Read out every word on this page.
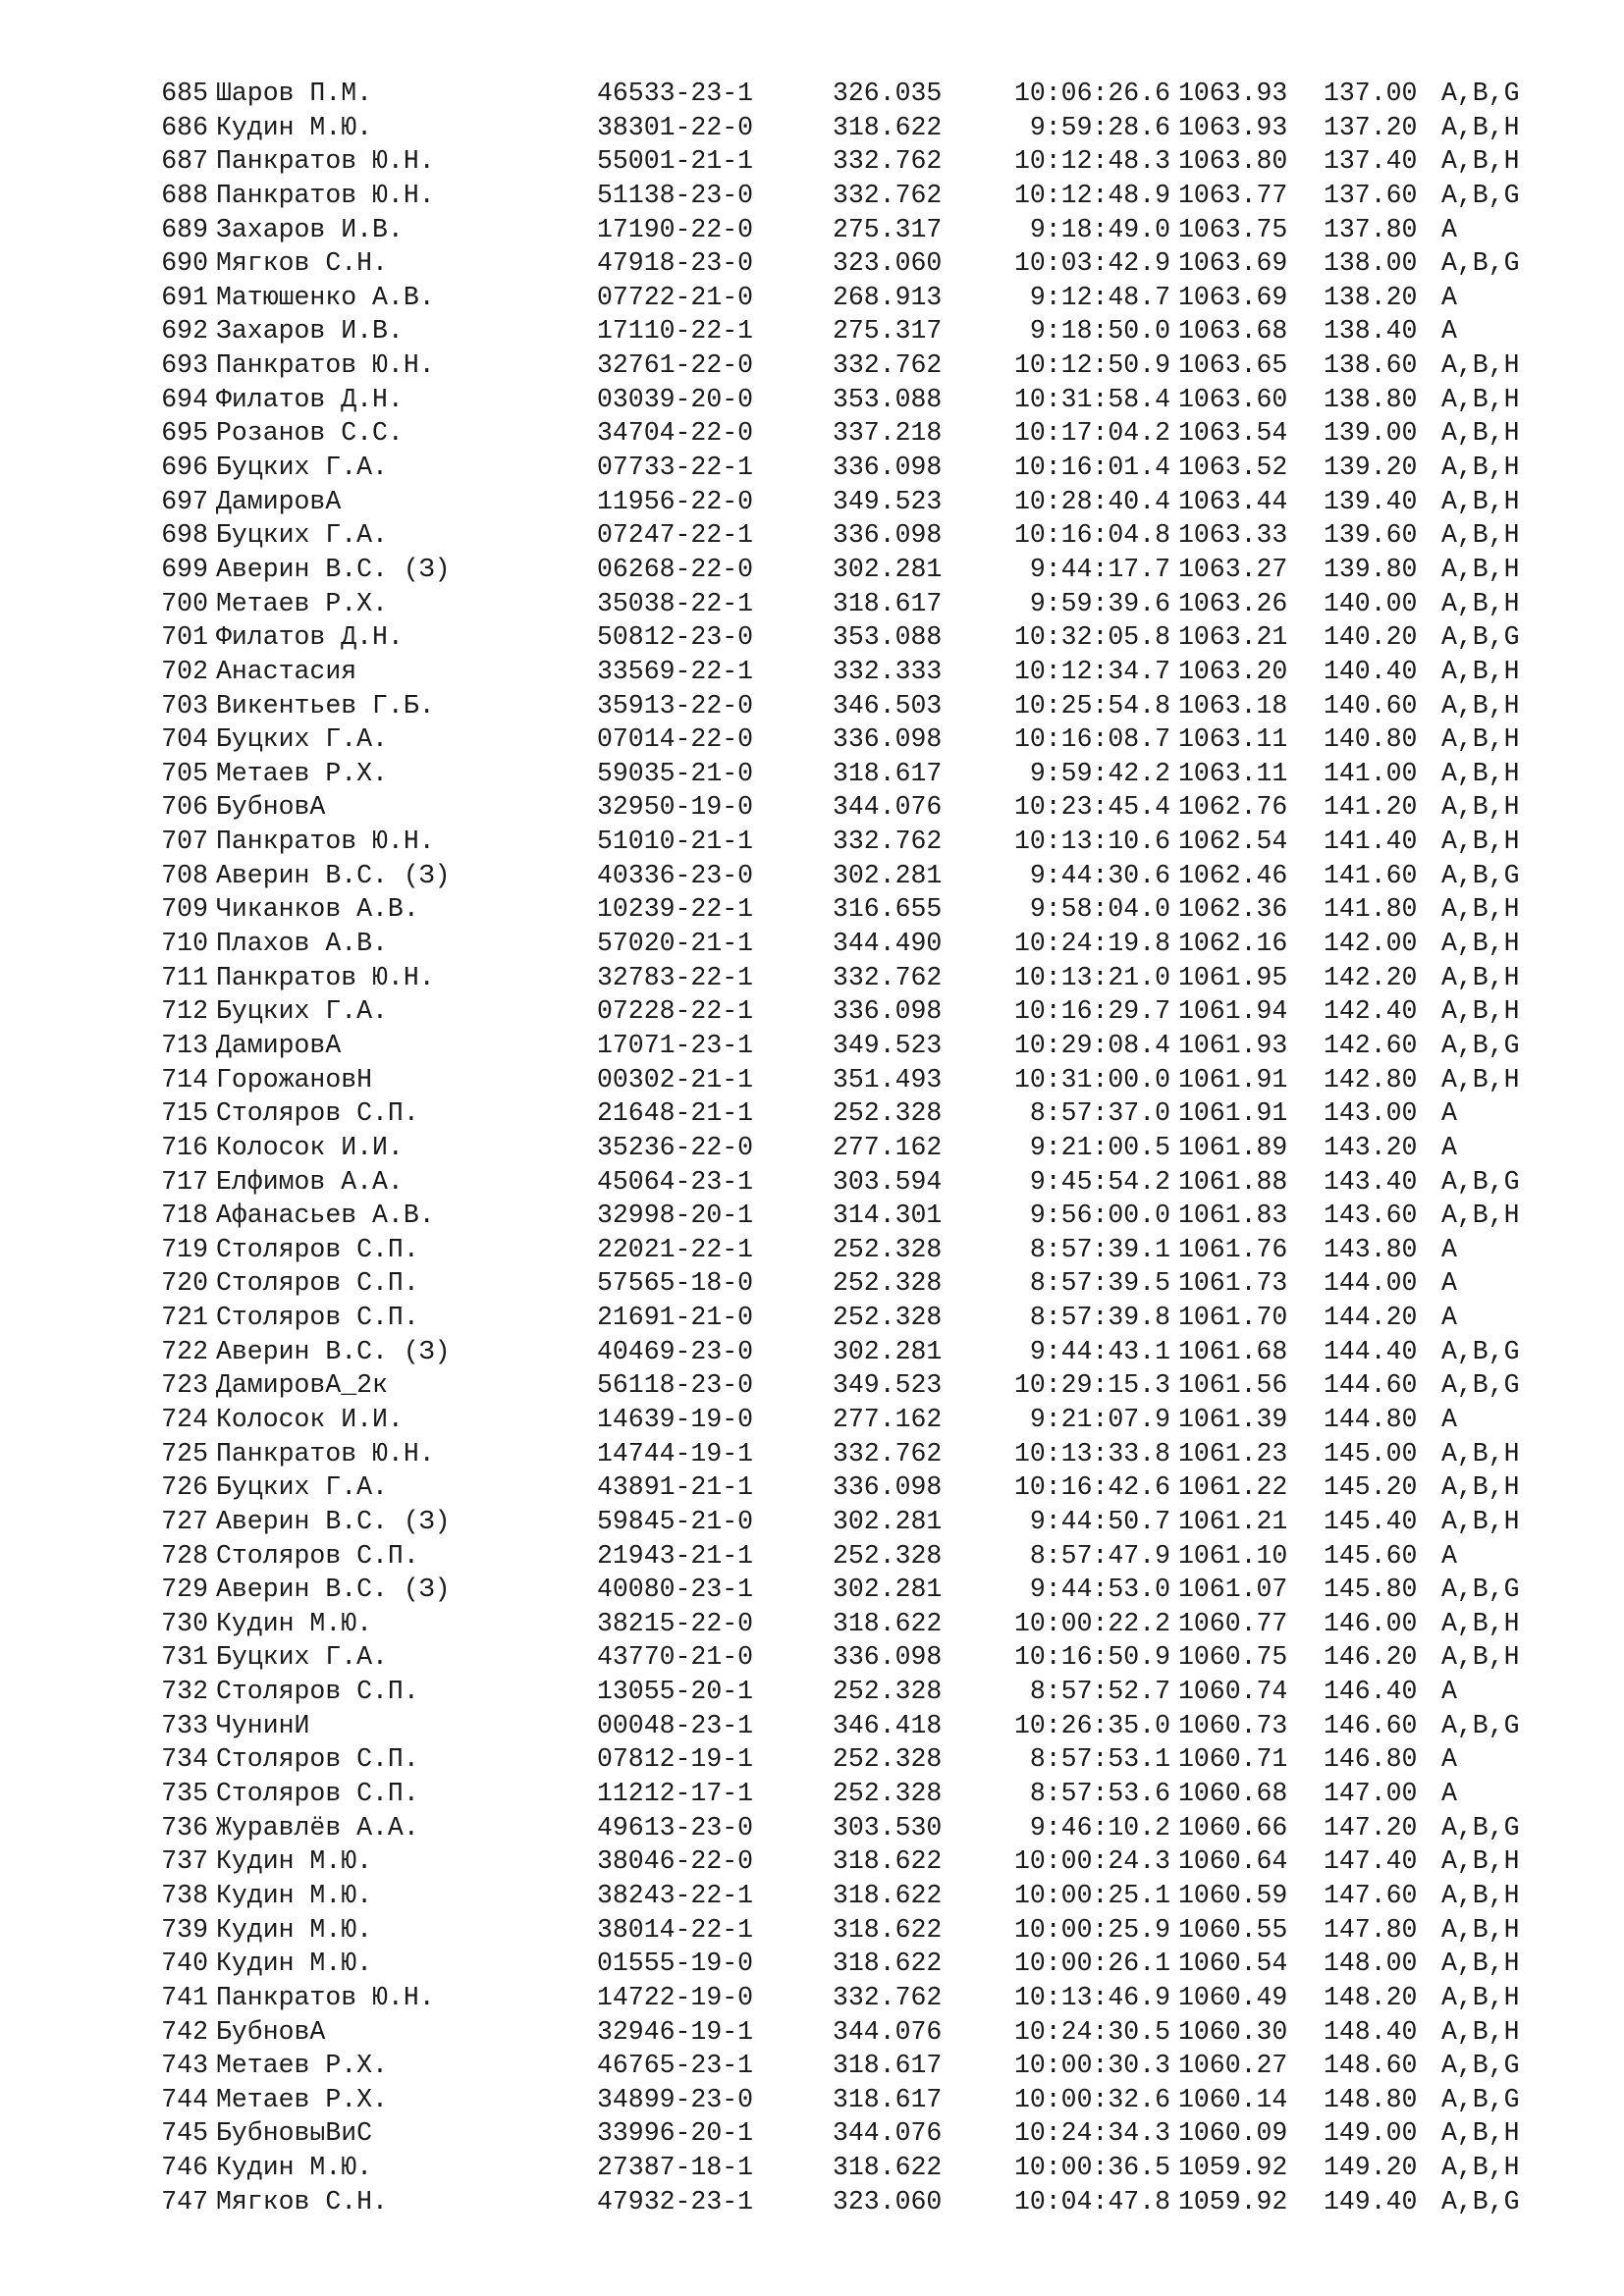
685 Шаров П.М.	46533-23-1	326.035	10:06:26.6 1063.93 137.00 A,B,G
686 Кудин М.Ю.	38301-22-0	318.622	9:59:28.6 1063.93 137.20 A,B,H
687 Панкратов Ю.Н.	55001-21-1	332.762	10:12:48.3 1063.80 137.40 A,B,H
688 Панкратов Ю.Н.	51138-23-0	332.762	10:12:48.9 1063.77 137.60 A,B,G
689 Захаров И.В.	17190-22-0	275.317	9:18:49.0 1063.75 137.80 A
690 Мягков С.Н.	47918-23-0	323.060	10:03:42.9 1063.69 138.00 A,B,G
691 Матюшенко А.В.	07722-21-0	268.913	9:12:48.7 1063.69 138.20 A
692 Захаров И.В.	17110-22-1	275.317	9:18:50.0 1063.68 138.40 A
693 Панкратов Ю.Н.	32761-22-0	332.762	10:12:50.9 1063.65 138.60 A,B,H
694 Филатов Д.Н.	03039-20-0	353.088	10:31:58.4 1063.60 138.80 A,B,H
695 Розанов С.С.	34704-22-0	337.218	10:17:04.2 1063.54 139.00 A,B,H
696 Буцких Г.А.	07733-22-1	336.098	10:16:01.4 1063.52 139.20 A,B,H
697 ДамировА	11956-22-0	349.523	10:28:40.4 1063.44 139.40 A,B,H
698 Буцких Г.А.	07247-22-1	336.098	10:16:04.8 1063.33 139.60 A,B,H
699 Аверин В.С. (З)	06268-22-0	302.281	9:44:17.7 1063.27 139.80 A,B,H
700 Метаев Р.Х.	35038-22-1	318.617	9:59:39.6 1063.26 140.00 A,B,H
701 Филатов Д.Н.	50812-23-0	353.088	10:32:05.8 1063.21 140.20 A,B,G
702 Анастасия	33569-22-1	332.333	10:12:34.7 1063.20 140.40 A,B,H
703 Викентьев Г.Б.	35913-22-0	346.503	10:25:54.8 1063.18 140.60 A,B,H
704 Буцких Г.А.	07014-22-0	336.098	10:16:08.7 1063.11 140.80 A,B,H
705 Метаев Р.Х.	59035-21-0	318.617	9:59:42.2 1063.11 141.00 A,B,H
706 БубновА	32950-19-0	344.076	10:23:45.4 1062.76 141.20 A,B,H
707 Панкратов Ю.Н.	51010-21-1	332.762	10:13:10.6 1062.54 141.40 A,B,H
708 Аверин В.С. (З)	40336-23-0	302.281	9:44:30.6 1062.46 141.60 A,B,G
709 Чиканков А.В.	10239-22-1	316.655	9:58:04.0 1062.36 141.80 A,B,H
710 Плахов А.В.	57020-21-1	344.490	10:24:19.8 1062.16 142.00 A,B,H
711 Панкратов Ю.Н.	32783-22-1	332.762	10:13:21.0 1061.95 142.20 A,B,H
712 Буцких Г.А.	07228-22-1	336.098	10:16:29.7 1061.94 142.40 A,B,H
713 ДамировА	17071-23-1	349.523	10:29:08.4 1061.93 142.60 A,B,G
714 ГорожановН	00302-21-1	351.493	10:31:00.0 1061.91 142.80 A,B,H
715 Столяров С.П.	21648-21-1	252.328	8:57:37.0 1061.91 143.00 A
716 Колосок И.И.	35236-22-0	277.162	9:21:00.5 1061.89 143.20 A
717 Елфимов А.А.	45064-23-1	303.594	9:45:54.2 1061.88 143.40 A,B,G
718 Афанасьев А.В.	32998-20-1	314.301	9:56:00.0 1061.83 143.60 A,B,H
719 Столяров С.П.	22021-22-1	252.328	8:57:39.1 1061.76 143.80 A
720 Столяров С.П.	57565-18-0	252.328	8:57:39.5 1061.73 144.00 A
721 Столяров С.П.	21691-21-0	252.328	8:57:39.8 1061.70 144.20 A
722 Аверин В.С. (З)	40469-23-0	302.281	9:44:43.1 1061.68 144.40 A,B,G
723 ДамировА_2к	56118-23-0	349.523	10:29:15.3 1061.56 144.60 A,B,G
724 Колосок И.И.	14639-19-0	277.162	9:21:07.9 1061.39 144.80 A
725 Панкратов Ю.Н.	14744-19-1	332.762	10:13:33.8 1061.23 145.00 A,B,H
726 Буцких Г.А.	43891-21-1	336.098	10:16:42.6 1061.22 145.20 A,B,H
727 Аверин В.С. (З)	59845-21-0	302.281	9:44:50.7 1061.21 145.40 A,B,H
728 Столяров С.П.	21943-21-1	252.328	8:57:47.9 1061.10 145.60 A
729 Аверин В.С. (З)	40080-23-1	302.281	9:44:53.0 1061.07 145.80 A,B,G
730 Кудин М.Ю.	38215-22-0	318.622	10:00:22.2 1060.77 146.00 A,B,H
731 Буцких Г.А.	43770-21-0	336.098	10:16:50.9 1060.75 146.20 A,B,H
732 Столяров С.П.	13055-20-1	252.328	8:57:52.7 1060.74 146.40 A
733 ЧунинИ	00048-23-1	346.418	10:26:35.0 1060.73 146.60 A,B,G
734 Столяров С.П.	07812-19-1	252.328	8:57:53.1 1060.71 146.80 A
735 Столяров С.П.	11212-17-1	252.328	8:57:53.6 1060.68 147.00 A
736 Журавлёв А.А.	49613-23-0	303.530	9:46:10.2 1060.66 147.20 A,B,G
737 Кудин М.Ю.	38046-22-0	318.622	10:00:24.3 1060.64 147.40 A,B,H
738 Кудин М.Ю.	38243-22-1	318.622	10:00:25.1 1060.59 147.60 A,B,H
739 Кудин М.Ю.	38014-22-1	318.622	10:00:25.9 1060.55 147.80 A,B,H
740 Кудин М.Ю.	01555-19-0	318.622	10:00:26.1 1060.54 148.00 A,B,H
741 Панкратов Ю.Н.	14722-19-0	332.762	10:13:46.9 1060.49 148.20 A,B,H
742 БубновА	32946-19-1	344.076	10:24:30.5 1060.30 148.40 A,B,H
743 Метаев Р.Х.	46765-23-1	318.617	10:00:30.3 1060.27 148.60 A,B,G
744 Метаев Р.Х.	34899-23-0	318.617	10:00:32.6 1060.14 148.80 A,B,G
745 БубновыВиС	33996-20-1	344.076	10:24:34.3 1060.09 149.00 A,B,H
746 Кудин М.Ю.	27387-18-1	318.622	10:00:36.5 1059.92 149.20 A,B,H
747 Мягков С.Н.	47932-23-1	323.060	10:04:47.8 1059.92 149.40 A,B,G
